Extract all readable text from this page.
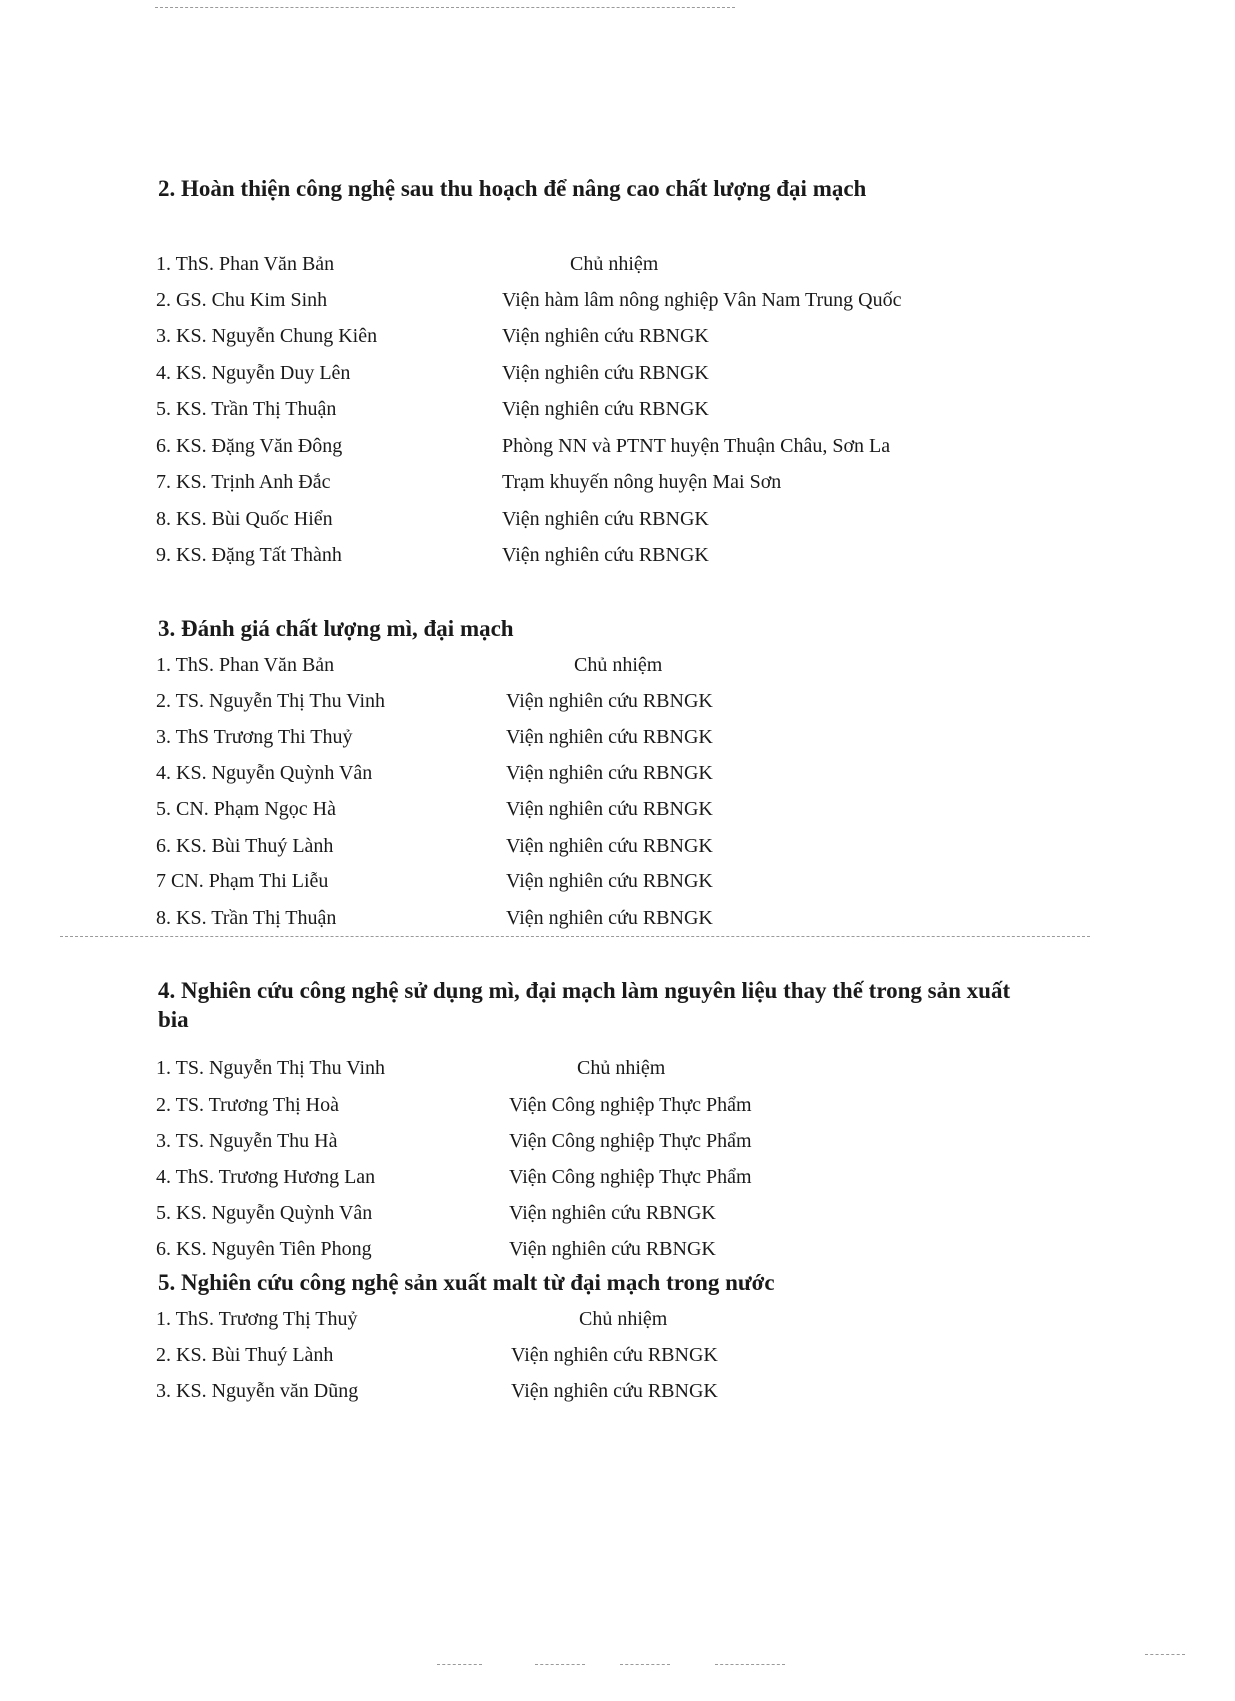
2. Hoàn thiện công nghệ sau thu hoạch để nâng cao chất lượng đại mạch
1. ThS. Phan Văn Bản	Chủ nhiệm
2. GS. Chu Kim Sinh	Viện hàm lâm nông nghiệp Vân Nam Trung Quốc
3. KS. Nguyễn Chung Kiên	Viện nghiên cứu RBNGK
4. KS. Nguyễn Duy Lên	Viện nghiên cứu RBNGK
5. KS. Trần Thị Thuận	Viện nghiên cứu RBNGK
6. KS. Đặng Văn Đông	Phòng NN và PTNT huyện Thuận Châu, Sơn La
7. KS. Trịnh Anh Đắc	Trạm khuyến nông huyện Mai Sơn
8. KS. Bùi Quốc Hiển	Viện nghiên cứu RBNGK
9. KS. Đặng Tất Thành	Viện nghiên cứu RBNGK
3. Đánh giá chất lượng mì, đại mạch
1. ThS. Phan Văn Bản	Chủ nhiệm
2. TS. Nguyễn Thị Thu Vinh	Viện nghiên cứu RBNGK
3. ThS Trương Thi Thuỷ	Viện nghiên cứu RBNGK
4. KS. Nguyễn Quỳnh Vân	Viện nghiên cứu RBNGK
5. CN. Phạm Ngọc Hà	Viện nghiên cứu RBNGK
6. KS. Bùi Thuý Lành	Viện nghiên cứu RBNGK
7 CN. Phạm Thi Liễu	Viện nghiên cứu RBNGK
8. KS. Trần Thị Thuận	Viện nghiên cứu RBNGK
4. Nghiên cứu công nghệ sử dụng mì, đại mạch làm nguyên liệu thay thế trong sản xuất bia
1. TS. Nguyễn Thị Thu Vinh	Chủ nhiệm
2. TS. Trương Thị Hoà	Viện Công nghiệp Thực Phẩm
3. TS. Nguyễn Thu Hà	Viện Công nghiệp Thực Phẩm
4. ThS. Trương Hương Lan	Viện Công nghiệp Thực Phẩm
5. KS. Nguyễn Quỳnh Vân	Viện nghiên cứu RBNGK
6. KS. Nguyên Tiên Phong	Viện nghiên cứu RBNGK
5. Nghiên cứu công nghệ sản xuất malt từ đại mạch trong nước
1. ThS. Trương Thị Thuỷ	Chủ nhiệm
2. KS. Bùi Thuý Lành	Viện nghiên cứu RBNGK
3. KS. Nguyễn văn Dũng	Viện nghiên cứu RBNGK
